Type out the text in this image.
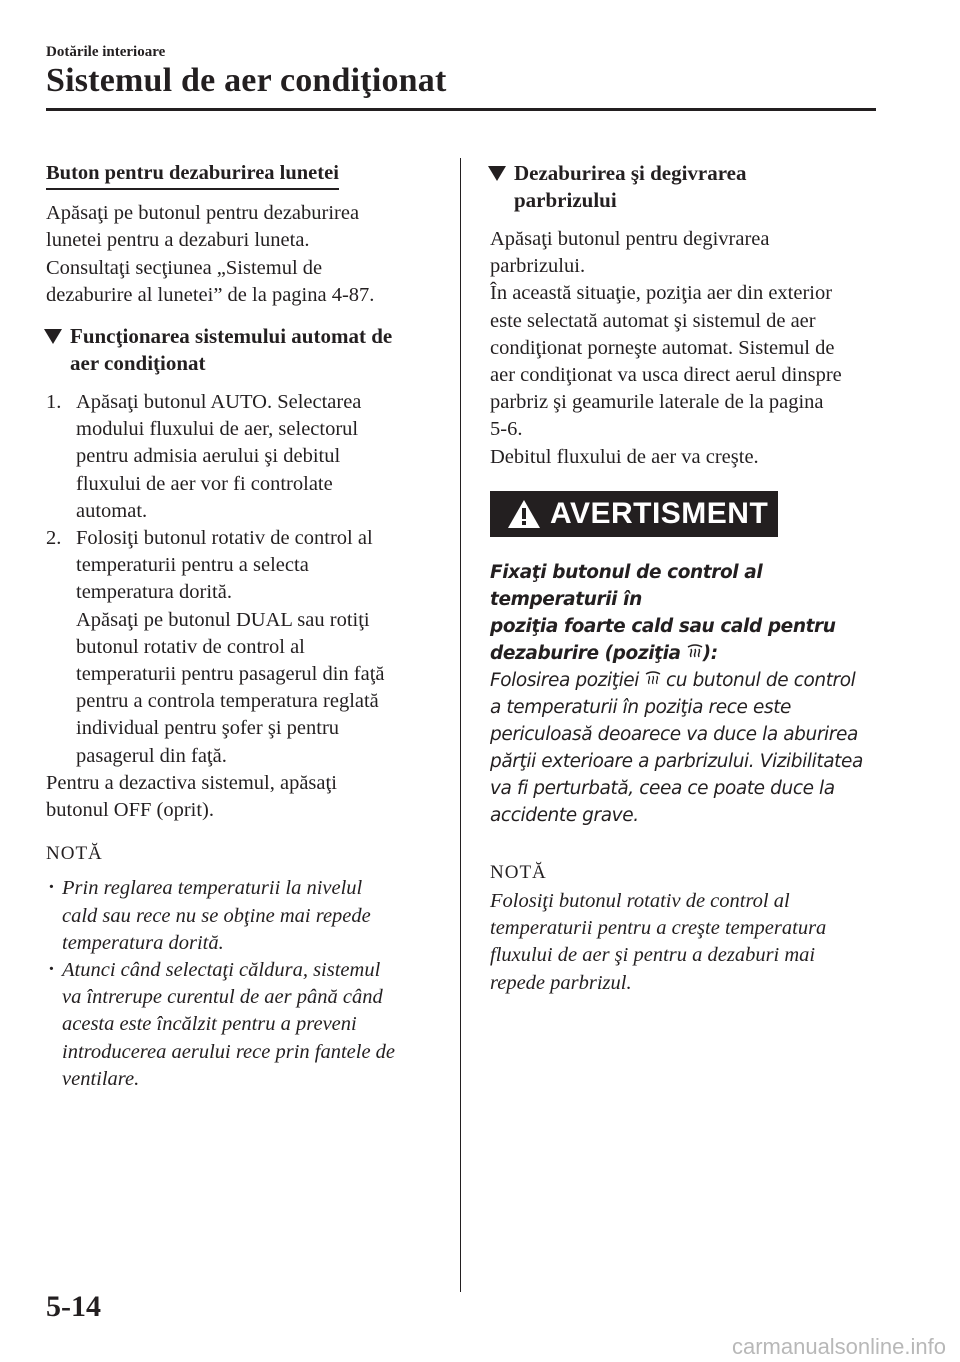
Dotările interioare
Sistemul de aer condiţionat
Buton pentru dezaburirea lunetei

Apăsaţi pe butonul pentru dezaburirea

lunetei pentru a dezaburi luneta.

Consultaţi secţiunea „Sistemul de

dezaburire al lunetei” de la pagina 4-87.

Funcţionarea sistemului automat de
aer condiţionat
1. Apăsaţi butonul AUTO. Selectarea
modului fluxului de aer, selectorul
pentru admisia aerului şi debitul
fluxului de aer vor fi controlate
automat.
2. Folosiţi butonul rotativ de control al
temperaturii pentru a selecta
temperatura dorită.
Apăsaţi pe butonul DUAL sau rotiţi
butonul rotativ de control al
temperaturii pentru pasagerul din faţă
pentru a controla temperatura reglată
individual pentru şofer şi pentru
pasagerul din faţă.

Pentru a dezactiva sistemul, apăsaţi

butonul OFF (oprit).

NOTĂ
· Prin reglarea temperaturii la nivelul
cald sau rece nu se obţine mai repede
temperatura dorită.
· Atunci când selectaţi căldura, sistemul
va întrerupe curentul de aer până când
acesta este încălzit pentru a preveni
introducerea aerului rece prin fantele de
ventilare.
Dezaburirea şi degivrarea
parbrizului

Apăsaţi butonul pentru degivrarea

parbrizului.

În această situaţie, poziţia aer din exterior

este selectată automat şi sistemul de aer

condiţionat porneşte automat. Sistemul de

aer condiţionat va usca direct aerul dinspre

parbriz şi geamurile laterale de la pagina

5-6.

Debitul fluxului de aer va creşte.

AVERTISMENT
Fixaţi butonul de control al temperaturii în
poziţia foarte cald sau cald pentru
dezaburire (poziţia ):
Folosirea poziţiei  cu butonul de control
a temperaturii în poziţia rece este
periculoasă deoarece va duce la aburirea
părţii exterioare a parbrizului. Vizibilitatea
va fi perturbată, ceea ce poate duce la
accidente grave.
NOTĂ
Folosiţi butonul rotativ de control al
temperaturii pentru a creşte temperatura
fluxului de aer şi pentru a dezaburi mai
repede parbrizul.
5-14
carmanualsonline.info
